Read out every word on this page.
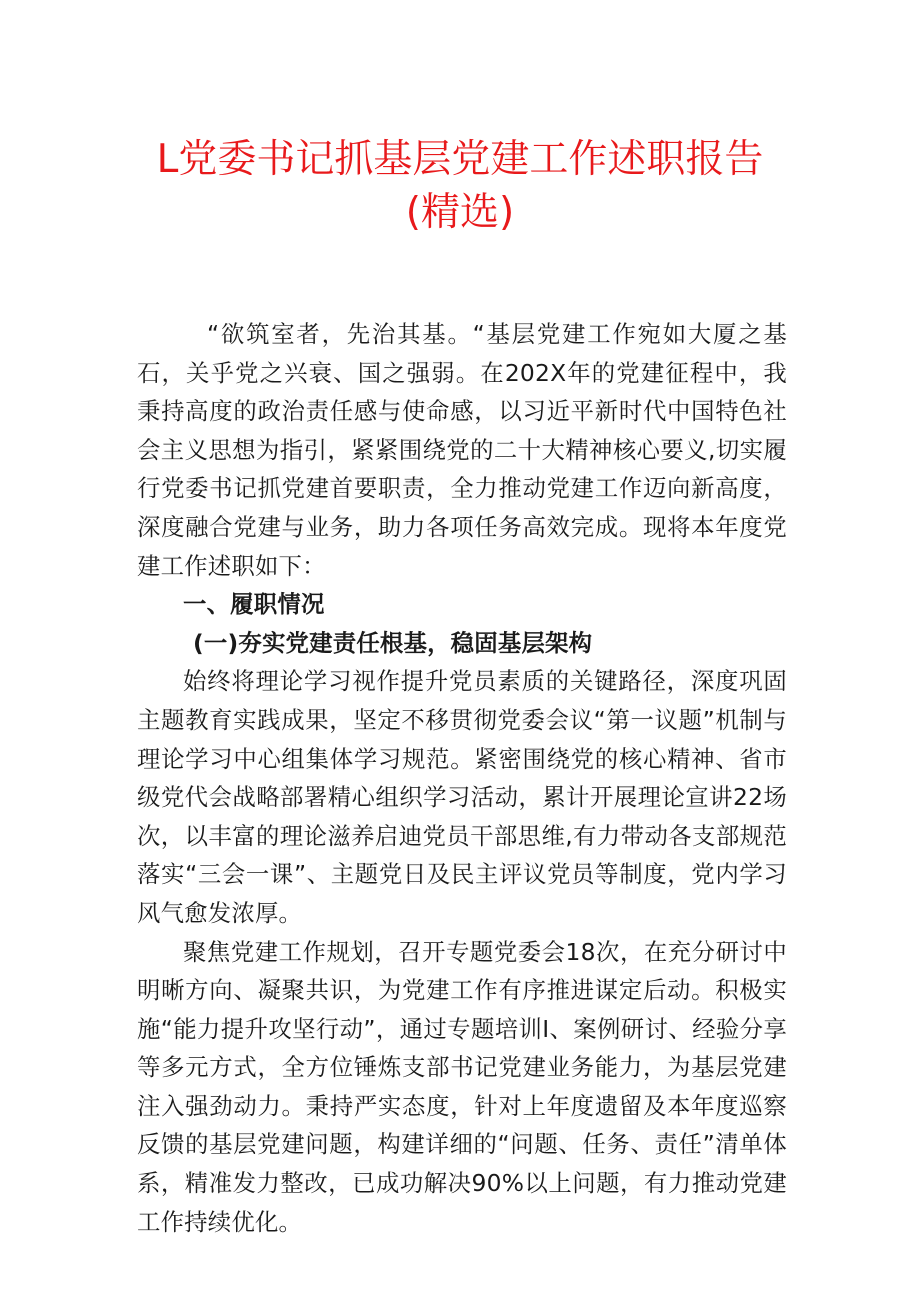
L党委书记抓基层党建工作述职报告
(精选)

“欲筑室者，先治其基。“基层党建工作宛如大厦之基石，关乎党之兴衰、国之强弱。在202X年的党建征程中，我秉持高度的政治责任感与使命感，以习近平新时代中国特色社会主义思想为指引，紧紧围绕党的二十大精神核心要义,切实履行党委书记抓党建首要职责，全力推动党建工作迈向新高度，深度融合党建与业务，助力各项任务高效完成。现将本年度党建工作述职如下：

一、履职情况

(一)夯实党建责任根基，稳固基层架构

始终将理论学习视作提升党员素质的关键路径，深度巩固主题教育实践成果，坚定不移贯彻党委会议“第一议题”机制与理论学习中心组集体学习规范。紧密围绕党的核心精神、省市级党代会战略部署精心组织学习活动，累计开展理论宣讲22场次，以丰富的理论滋养启迪党员干部思维,有力带动各支部规范落实“三会一课”、主题党日及民主评议党员等制度，党内学习风气愈发浓厚。

聚焦党建工作规划，召开专题党委会18次，在充分研讨中明晰方向、凝聚共识，为党建工作有序推进谋定后动。积极实施“能力提升攻坚行动”，通过专题培训I、案例研讨、经验分享等多元方式，全方位锤炼支部书记党建业务能力，为基层党建注入强劲动力。秉持严实态度，针对上年度遗留及本年度巡察反馈的基层党建问题，构建详细的“问题、任务、责任”清单体系，精准发力整改，已成功解决90%以上问题，有力推动党建工作持续优化。
